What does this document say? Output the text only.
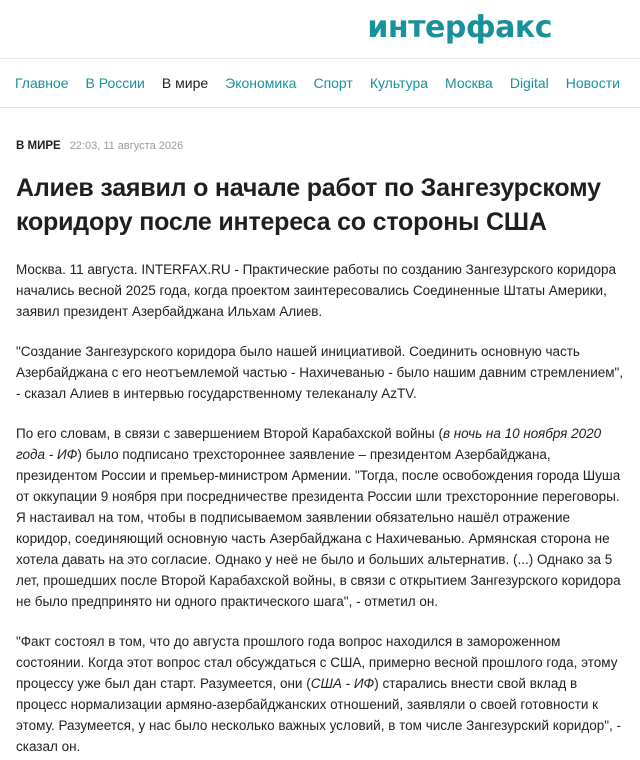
интерфакс
Главное В России В мире Экономика Спорт Культура Москва Digital Новости
В МИРЕ 22:03, 11 августа 2026
Алиев заявил о начале работ по Зангезурскому коридору после интереса со стороны США

Москва. 11 августа. INTERFAX.RU - Практические работы по созданию Зангезурского коридора начались весной 2025 года, когда проектом заинтересовались Соединенные Штаты Америки, заявил президент Азербайджана Ильхам Алиев.

"Создание Зангезурского коридора было нашей инициативой. Соединить основную часть Азербайджана с его неотъемлемой частью - Нахичеванью - было нашим давним стремлением", - сказал Алиев в интервью государственному телеканалу AzTV.

По его словам, в связи с завершением Второй Карабахской войны (в ночь на 10 ноября 2020 года - ИФ) было подписано трехстороннее заявление – президентом Азербайджана, президентом России и премьер-министром Армении. "Тогда, после освобождения города Шуша от оккупации 9 ноября при посредничестве президента России шли трехсторонние переговоры. Я настаивал на том, чтобы в подписываемом заявлении обязательно нашёл отражение коридор, соединяющий основную часть Азербайджана с Нахичеванью. Армянская сторона не хотела давать на это согласие. Однако у неё не было и больших альтернатив. (...) Однако за 5 лет, прошедших после Второй Карабахской войны, в связи с открытием Зангезурского коридора не было предпринято ни одного практического шага", - отметил он.

"Факт состоял в том, что до августа прошлого года вопрос находился в замороженном состоянии. Когда этот вопрос стал обсуждаться с США, примерно весной прошлого года, этому процессу уже был дан старт. Разумеется, они (США - ИФ) старались внести свой вклад в процесс нормализации армяно-азербайджанских отношений, заявляли о своей готовности к этому. Разумеется, у нас было несколько важных условий, в том числе Зангезурский коридор", - сказал он.
